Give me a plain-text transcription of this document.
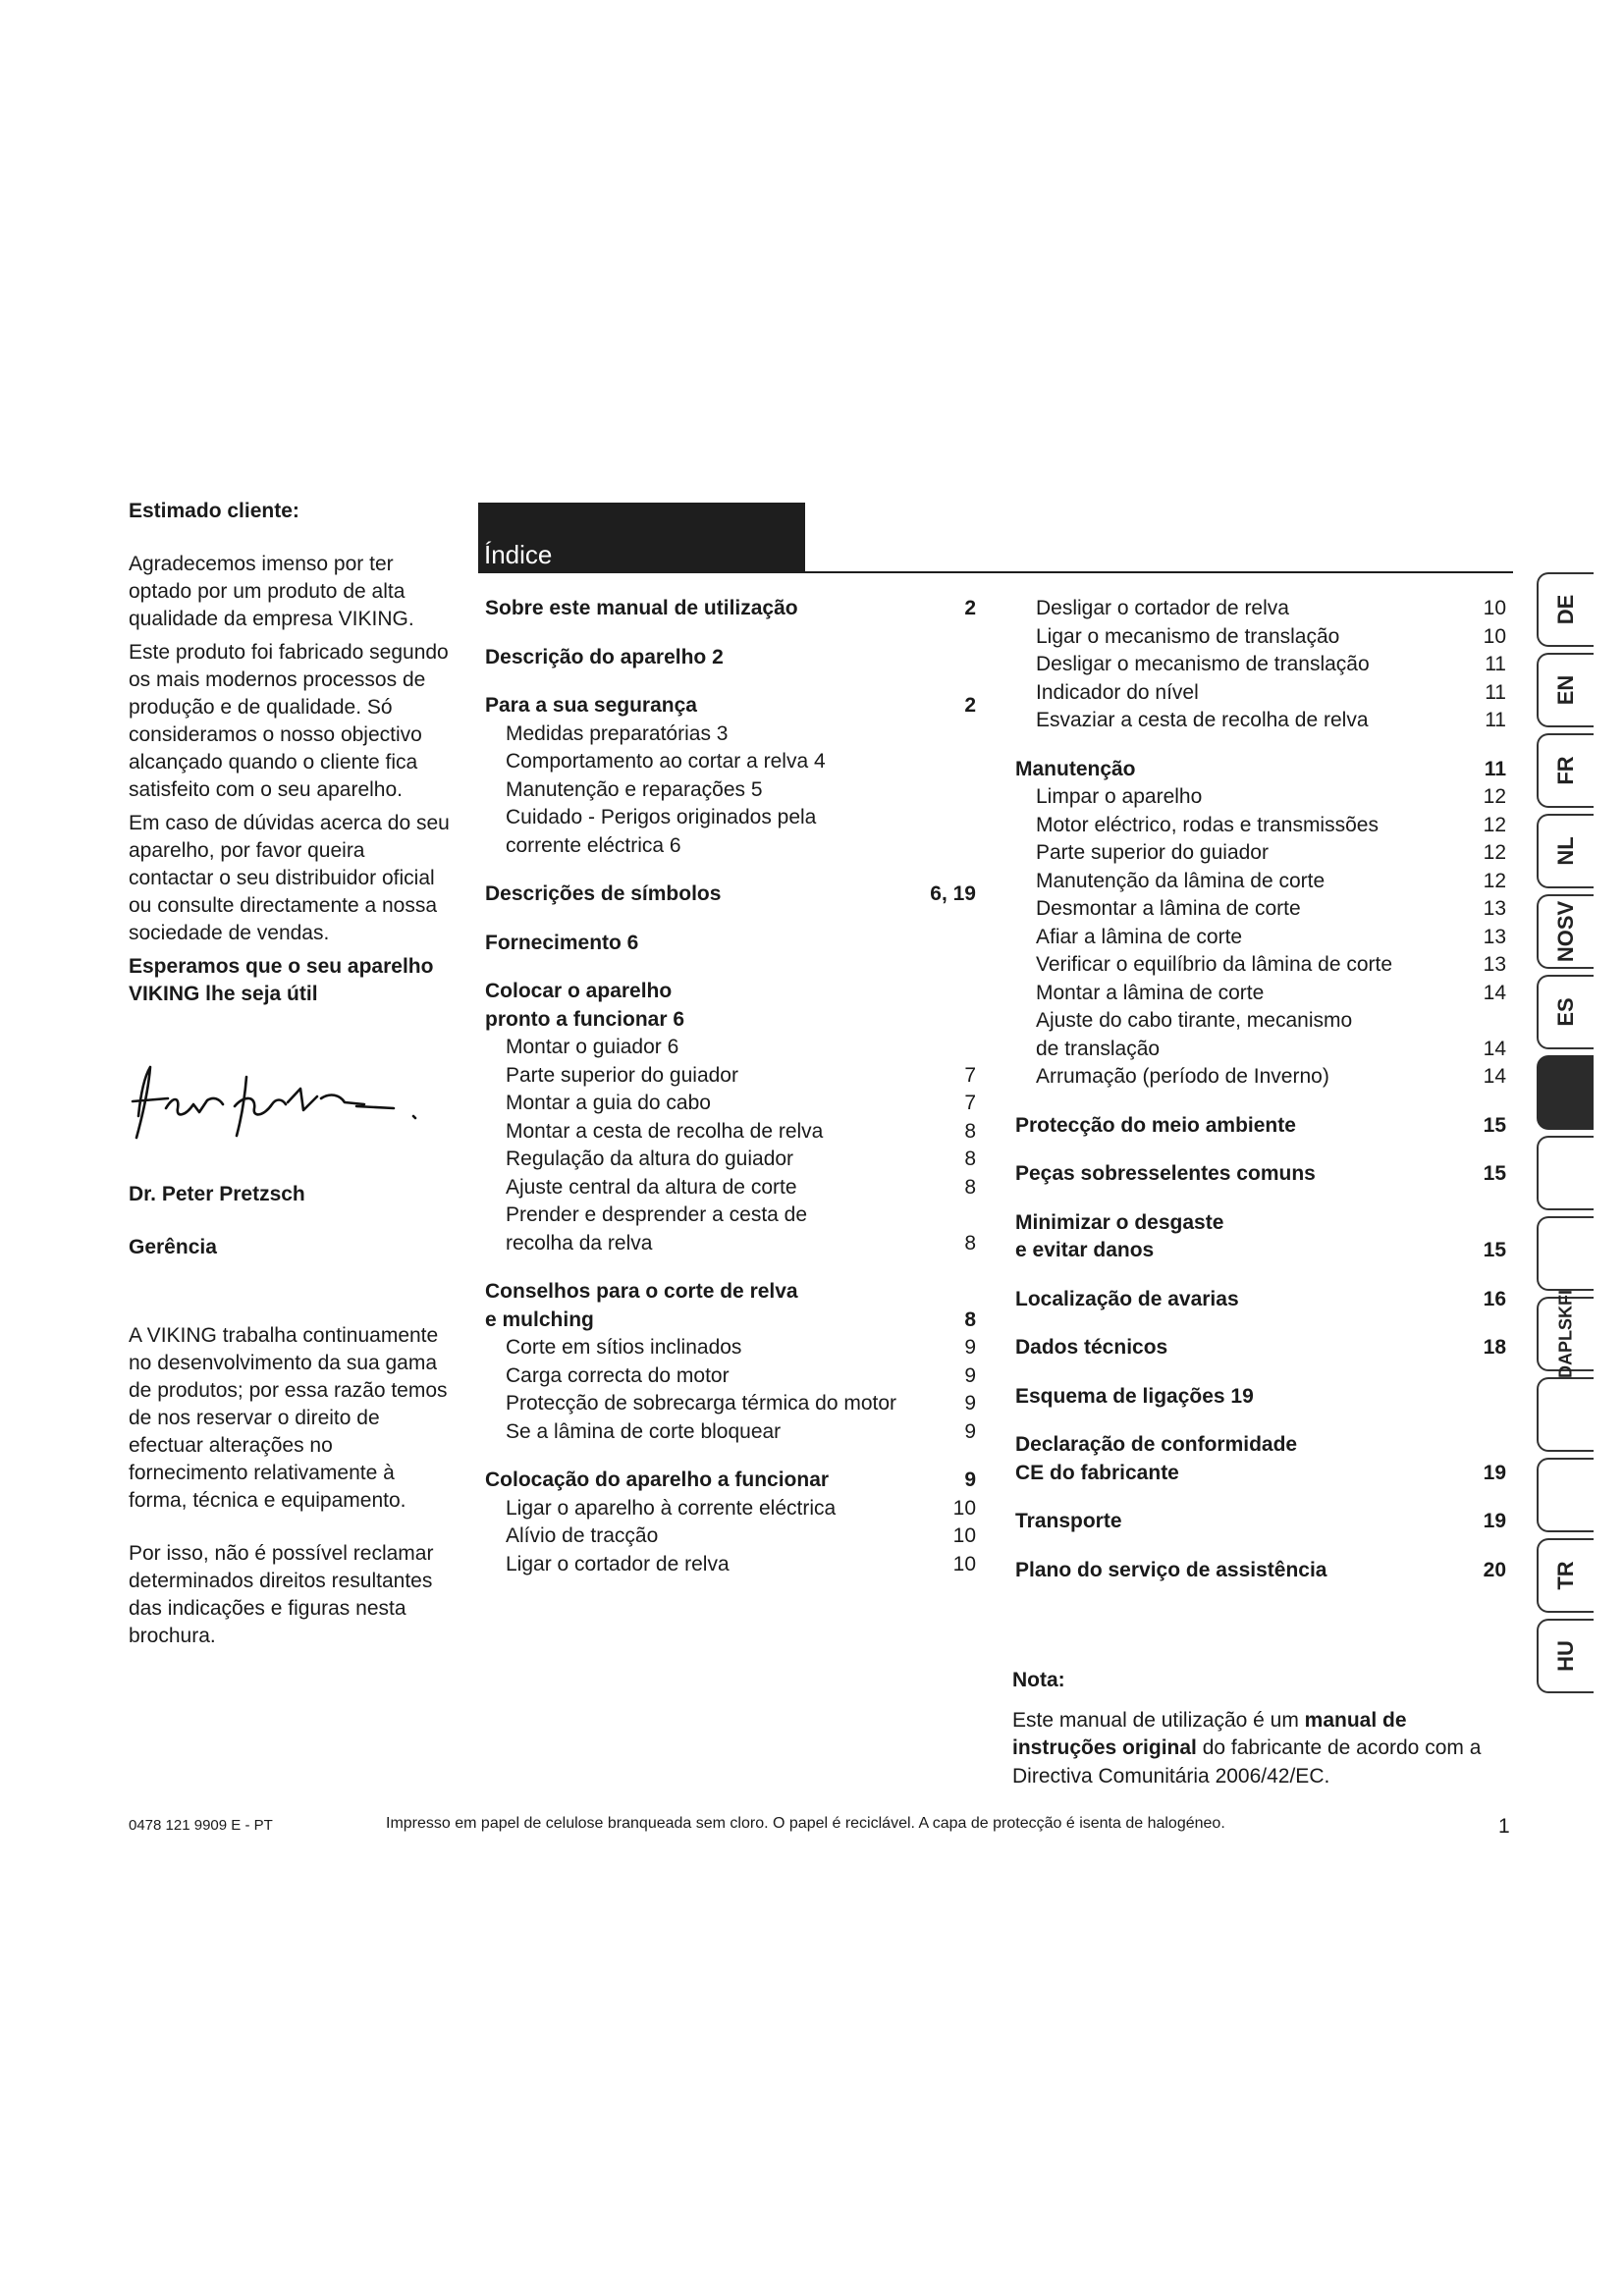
Estimado cliente:

Agradecemos imenso por ter optado por um produto de alta qualidade da empresa VIKING.

Este produto foi fabricado segundo os mais modernos processos de produção e de qualidade. Só consideramos o nosso objectivo alcançado quando o cliente fica satisfeito com o seu aparelho.

Em caso de dúvidas acerca do seu aparelho, por favor queira contactar o seu distribuidor oficial ou consulte directamente a nossa sociedade de vendas.

Esperamos que o seu aparelho VIKING lhe seja útil

Dr. Peter Pretzsch
Gerência

A VIKING trabalha continuamente no desenvolvimento da sua gama de produtos; por essa razão temos de nos reservar o direito de efectuar alterações no fornecimento relativamente à forma, técnica e equipamento.

Por isso, não é possível reclamar determinados direitos resultantes das indicações e figuras nesta brochura.

Índice
Sobre este manual de utilização	2
Descrição do aparelho 2
Para a sua segurança	2
Medidas preparatórias 3
Comportamento ao cortar a relva 4
Manutenção e reparações 5
Cuidado - Perigos originados pela
corrente eléctrica 6
Descrições de símbolos	6, 19
Fornecimento 6
Colocar o aparelho
pronto a funcionar 6
Montar o guiador 6
Parte superior do guiador	7
Montar a guia do cabo	7
Montar a cesta de recolha de relva	8
Regulação da altura do guiador	8
Ajuste central da altura de corte	8
Prender e desprender a cesta de
recolha da relva	8
Conselhos para o corte de relva
e mulching	8
Corte em sítios inclinados	9
Carga correcta do motor	9
Protecção de sobrecarga térmica do motor	9
Se a lâmina de corte bloquear	9
Colocação do aparelho a funcionar	9
Ligar o aparelho à corrente eléctrica	10
Alívio de tracção	10
Ligar o cortador de relva	10
Desligar o cortador de relva	10
Ligar o mecanismo de translação	10
Desligar o mecanismo de translação	11
Indicador do nível	11
Esvaziar a cesta de recolha de relva	11
Manutenção	11
Limpar o aparelho	12
Motor eléctrico, rodas e transmissões	12
Parte superior do guiador	12
Manutenção da lâmina de corte	12
Desmontar a lâmina de corte	13
Afiar a lâmina de corte	13
Verificar o equilíbrio da lâmina de corte	13
Montar a lâmina de corte	14
Ajuste do cabo tirante, mecanismo
de translação	14
Arrumação (período de Inverno)	14
Protecção do meio ambiente	15
Peças sobresselentes comuns	15
Minimizar o desgaste
e evitar danos	15
Localização de avarias	16
Dados técnicos	18
Esquema de ligações 19
Declaração de conformidade
CE do fabricante	19
Transporte	19
Plano do serviço de assistência	20
Nota:
Este manual de utilização é um manual de instruções original do fabricante de acordo com a Directiva Comunitária 2006/42/EC.
0478 121 9909 E - PT	Impresso em papel de celulose branqueada sem cloro. O papel é reciclável. A capa de protecção é isenta de halogéneo.	1
DE
EN
FR
NL
NOSV
ES
DAPLSKFI
TR
HU
